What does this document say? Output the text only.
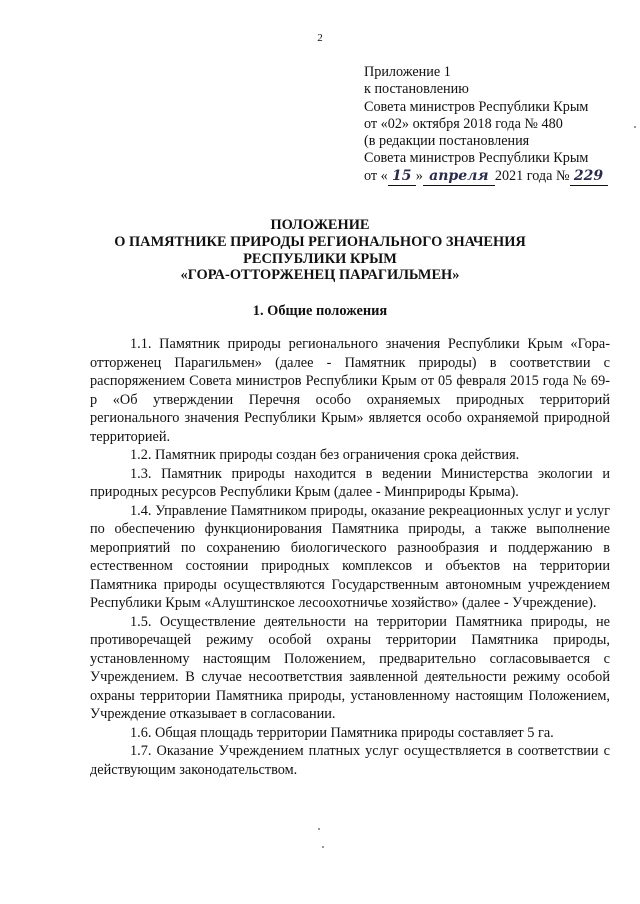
2
Приложение 1
к постановлению
Совета министров Республики Крым
от «02» октября 2018 года № 480
(в редакции постановления
Совета министров Республики Крым
от « 15 » апреля 2021 года № 229
ПОЛОЖЕНИЕ
О ПАМЯТНИКЕ ПРИРОДЫ РЕГИОНАЛЬНОГО ЗНАЧЕНИЯ
РЕСПУБЛИКИ КРЫМ
«ГОРА-ОТТОРЖЕНЕЦ ПАРАГИЛЬМЕН»
1. Общие положения

1.1. Памятник природы регионального значения Республики Крым «Гора-отторженец Парагильмен» (далее - Памятник природы) в соответствии с распоряжением Совета министров Республики Крым от 05 февраля 2015 года № 69-р «Об утверждении Перечня особо охраняемых природных территорий регионального значения Республики Крым» является особо охраняемой природной территорией.

1.2. Памятник природы создан без ограничения срока действия.

1.3. Памятник природы находится в ведении Министерства экологии и природных ресурсов Республики Крым (далее - Минприроды Крыма).

1.4. Управление Памятником природы, оказание рекреационных услуг и услуг по обеспечению функционирования Памятника природы, а также выполнение мероприятий по сохранению биологического разнообразия и поддержанию в естественном состоянии природных комплексов и объектов на территории Памятника природы осуществляются Государственным автономным учреждением Республики Крым «Алуштинское лесоохотничье хозяйство» (далее - Учреждение).

1.5. Осуществление деятельности на территории Памятника природы, не противоречащей режиму особой охраны территории Памятника природы, установленному настоящим Положением, предварительно согласовывается с Учреждением. В случае несоответствия заявленной деятельности режиму особой охраны территории Памятника природы, установленному настоящим Положением, Учреждение отказывает в согласовании.

1.6. Общая площадь территории Памятника природы составляет 5 га.

1.7. Оказание Учреждением платных услуг осуществляется в соответствии с действующим законодательством.
